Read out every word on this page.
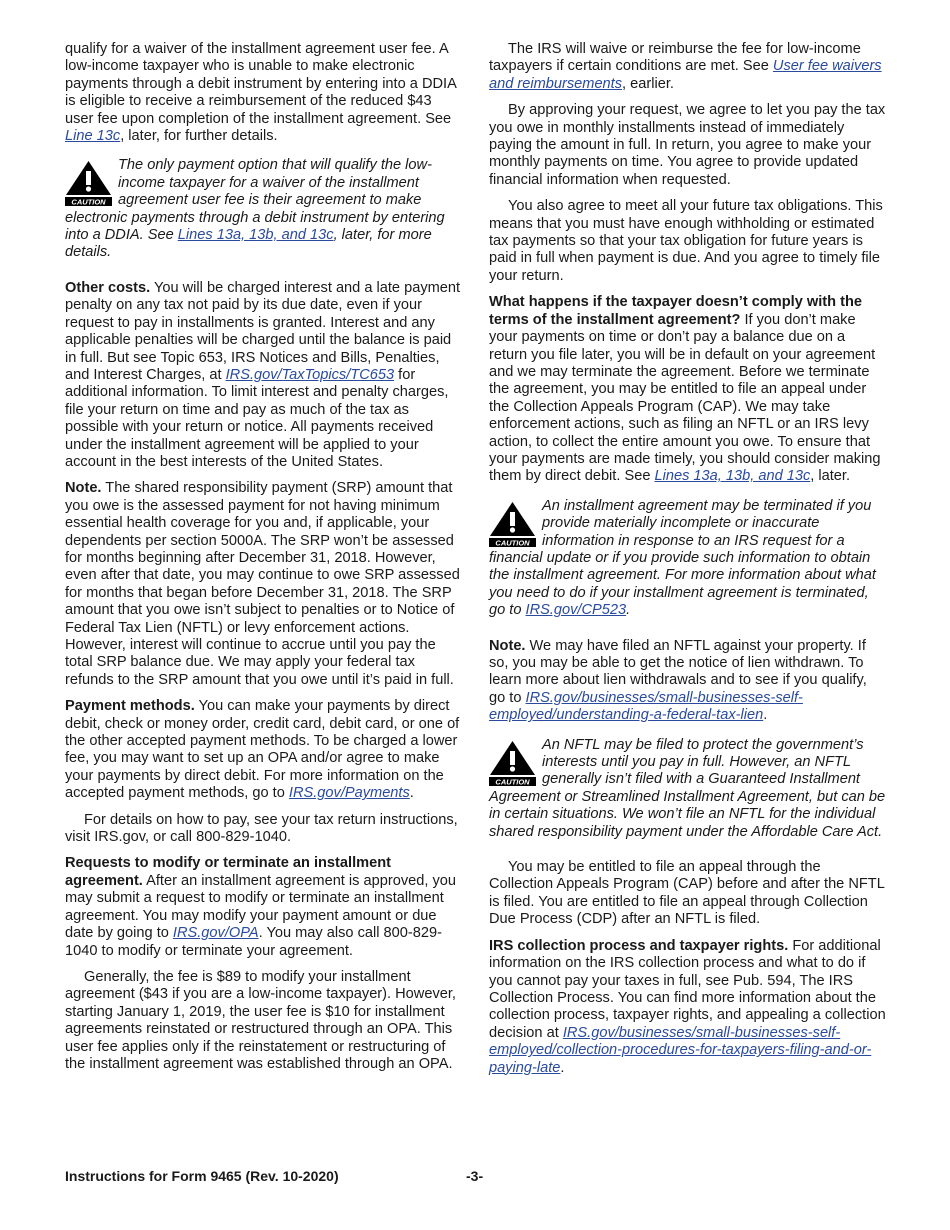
qualify for a waiver of the installment agreement user fee. A low-income taxpayer who is unable to make electronic payments through a debit instrument by entering into a DDIA is eligible to receive a reimbursement of the reduced $43 user fee upon completion of the installment agreement. See Line 13c, later, for further details.

CAUTION
The only payment option that will qualify the low-income taxpayer for a waiver of the installment agreement user fee is their agreement to make electronic payments through a debit instrument by entering into a DDIA. See Lines 13a, 13b, and 13c, later, for more details.

Other costs. You will be charged interest and a late payment penalty on any tax not paid by its due date, even if your request to pay in installments is granted. Interest and any applicable penalties will be charged until the balance is paid in full. But see Topic 653, IRS Notices and Bills, Penalties, and Interest Charges, at IRS.gov/TaxTopics/TC653 for additional information. To limit interest and penalty charges, file your return on time and pay as much of the tax as possible with your return or notice. All payments received under the installment agreement will be applied to your account in the best interests of the United States.

Note. The shared responsibility payment (SRP) amount that you owe is the assessed payment for not having minimum essential health coverage for you and, if applicable, your dependents per section 5000A. The SRP won’t be assessed for months beginning after December 31, 2018. However, even after that date, you may continue to owe SRP assessed for months that began before December 31, 2018. The SRP amount that you owe isn’t subject to penalties or to Notice of Federal Tax Lien (NFTL) or levy enforcement actions. However, interest will continue to accrue until you pay the total SRP balance due. We may apply your federal tax refunds to the SRP amount that you owe until it’s paid in full.

Payment methods. You can make your payments by direct debit, check or money order, credit card, debit card, or one of the other accepted payment methods. To be charged a lower fee, you may want to set up an OPA and/or agree to make your payments by direct debit. For more information on the accepted payment methods, go to IRS.gov/Payments.

For details on how to pay, see your tax return instructions, visit IRS.gov, or call 800-829-1040.

Requests to modify or terminate an installment agreement. After an installment agreement is approved, you may submit a request to modify or terminate an installment agreement. You may modify your payment amount or due date by going to IRS.gov/OPA. You may also call 800-829-1040 to modify or terminate your agreement.

Generally, the fee is $89 to modify your installment agreement ($43 if you are a low-income taxpayer). However, starting January 1, 2019, the user fee is $10 for installment agreements reinstated or restructured through an OPA. This user fee applies only if the reinstatement or restructuring of the installment agreement was established through an OPA.

The IRS will waive or reimburse the fee for low-income taxpayers if certain conditions are met. See User fee waivers and reimbursements, earlier.

By approving your request, we agree to let you pay the tax you owe in monthly installments instead of immediately paying the amount in full. In return, you agree to make your monthly payments on time. You agree to provide updated financial information when requested.

You also agree to meet all your future tax obligations. This means that you must have enough withholding or estimated tax payments so that your tax obligation for future years is paid in full when payment is due. And you agree to timely file your return.

What happens if the taxpayer doesn’t comply with the terms of the installment agreement? If you don’t make your payments on time or don’t pay a balance due on a return you file later, you will be in default on your agreement and we may terminate the agreement. Before we terminate the agreement, you may be entitled to file an appeal under the Collection Appeals Program (CAP). We may take enforcement actions, such as filing an NFTL or an IRS levy action, to collect the entire amount you owe. To ensure that your payments are made timely, you should consider making them by direct debit. See Lines 13a, 13b, and 13c, later.

CAUTION
An installment agreement may be terminated if you provide materially incomplete or inaccurate information in response to an IRS request for a financial update or if you provide such information to obtain the installment agreement. For more information about what you need to do if your installment agreement is terminated, go to IRS.gov/CP523.

Note. We may have filed an NFTL against your property. If so, you may be able to get the notice of lien withdrawn. To learn more about lien withdrawals and to see if you qualify, go to IRS.gov/businesses/small-businesses-self-employed/understanding-a-federal-tax-lien.

CAUTION
An NFTL may be filed to protect the government’s interests until you pay in full. However, an NFTL generally isn’t filed with a Guaranteed Installment Agreement or Streamlined Installment Agreement, but can be in certain situations. We won’t file an NFTL for the individual shared responsibility payment under the Affordable Care Act.

You may be entitled to file an appeal through the Collection Appeals Program (CAP) before and after the NFTL is filed. You are entitled to file an appeal through Collection Due Process (CDP) after an NFTL is filed.

IRS collection process and taxpayer rights. For additional information on the IRS collection process and what to do if you cannot pay your taxes in full, see Pub. 594, The IRS Collection Process. You can find more information about the collection process, taxpayer rights, and appealing a collection decision at IRS.gov/businesses/small-businesses-self-employed/collection-procedures-for-taxpayers-filing-and-or-paying-late.

Instructions for Form 9465 (Rev. 10-2020)	-3-
